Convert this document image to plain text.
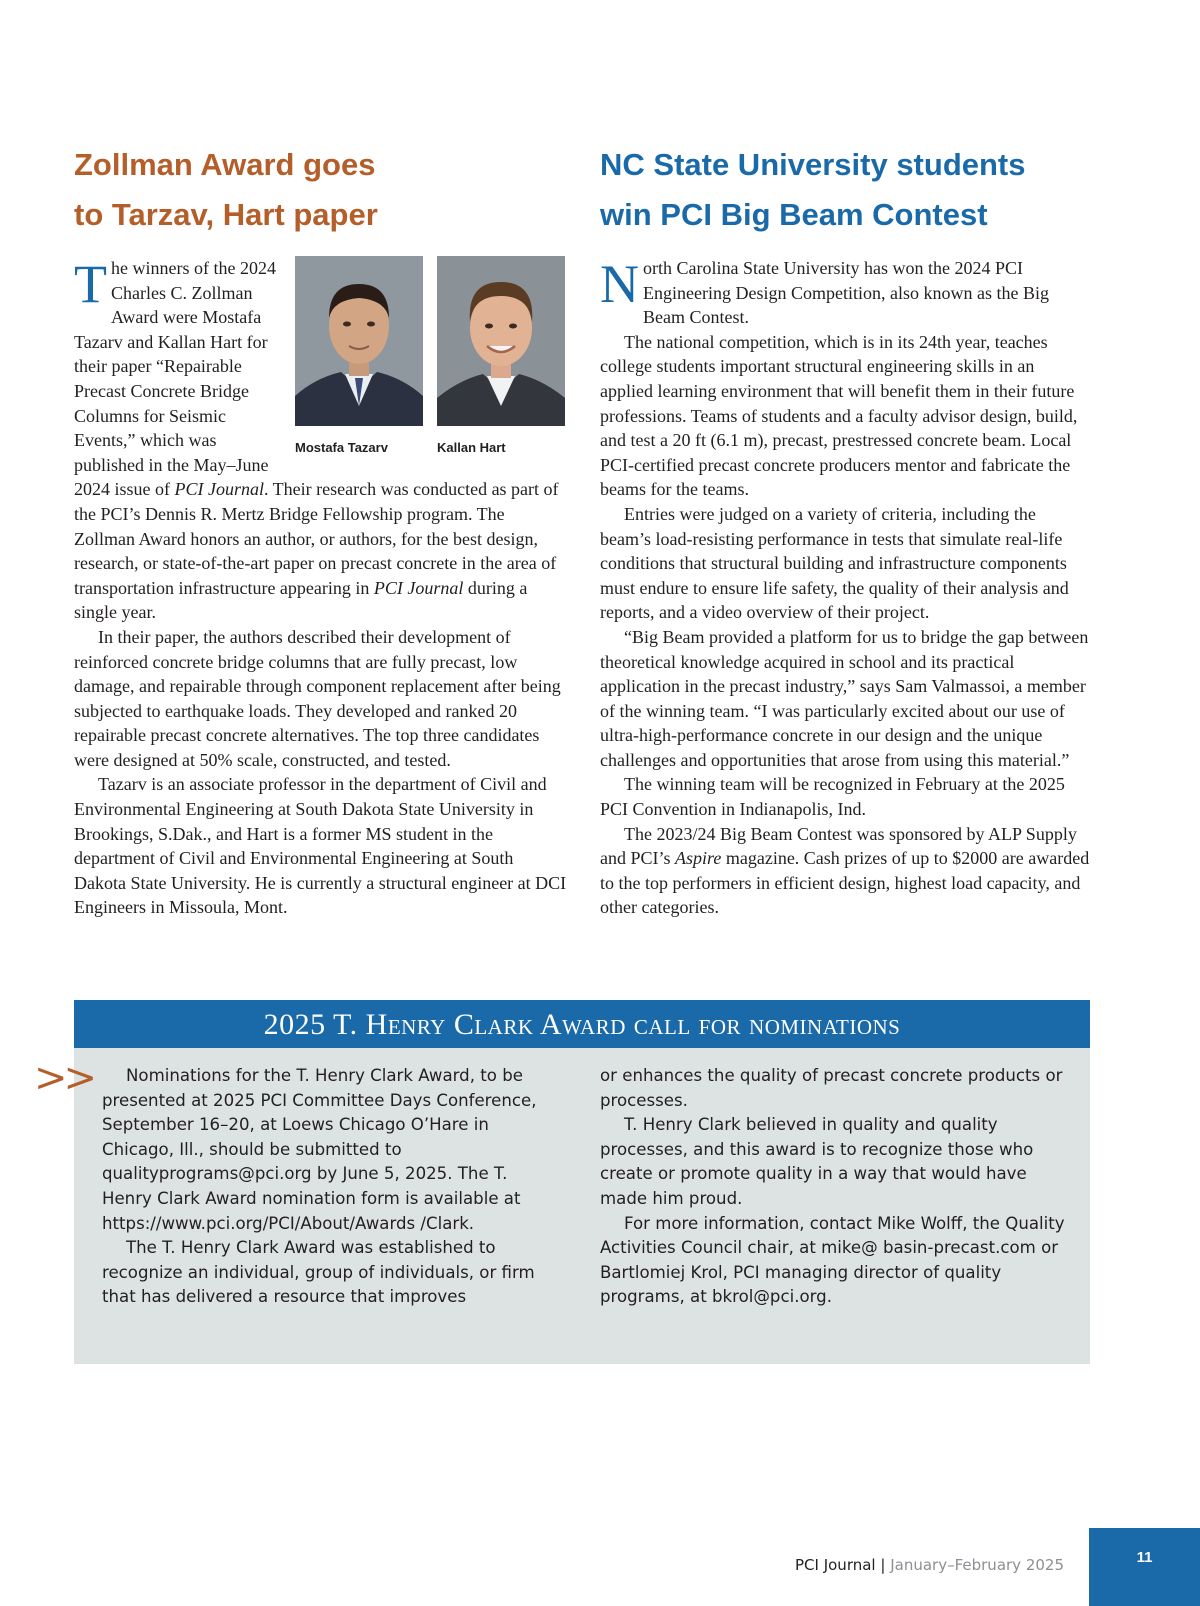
Zollman Award goes
to Tarzav, Hart paper
Mostafa Tazarv	Kallan Hart

The winners of the 2024 Charles C. Zollman Award were Mostafa Tazarv and Kallan Hart for their paper “Repairable Precast Concrete Bridge Columns for Seismic Events,” which was published in the May–June 2024 issue of PCI Journal. Their research was conducted as part of the PCI’s Dennis R. Mertz Bridge Fellowship program. The Zollman Award honors an author, or authors, for the best design, research, or state-of-the-art paper on precast concrete in the area of transportation infrastructure appearing in PCI Journal during a single year.

In their paper, the authors described their development of reinforced concrete bridge columns that are fully precast, low damage, and repairable through component replacement after being subjected to earthquake loads. They developed and ranked 20 repairable precast concrete alternatives. The top three candidates were designed at 50% scale, constructed, and tested.

Tazarv is an associate professor in the department of Civil and Environmental Engineering at South Dakota State University in Brookings, S.Dak., and Hart is a former MS student in the department of Civil and Environmental Engineering at South Dakota State University. He is currently a structural engineer at DCI Engineers in Missoula, Mont.

NC State University students
win PCI Big Beam Contest

North Carolina State University has won the 2024 PCI Engineering Design Competition, also known as the Big Beam Contest.

The national competition, which is in its 24th year, teaches college students important structural engineering skills in an applied learning environment that will benefit them in their future professions. Teams of students and a faculty advisor design, build, and test a 20 ft (6.1 m), precast, prestressed concrete beam. Local PCI-certified precast concrete producers mentor and fabricate the beams for the teams.

Entries were judged on a variety of criteria, including the beam’s load-resisting performance in tests that simulate real-life conditions that structural building and infrastructure components must endure to ensure life safety, the quality of their analysis and reports, and a video overview of their project.

“Big Beam provided a platform for us to bridge the gap between theoretical knowledge acquired in school and its practical application in the precast industry,” says Sam Valmassoi, a member of the winning team. “I was particularly excited about our use of ultra-high-performance concrete in our design and the unique challenges and opportunities that arose from using this material.”

The winning team will be recognized in February at the 2025 PCI Convention in Indianapolis, Ind.

The 2023/24 Big Beam Contest was sponsored by ALP Supply and PCI’s Aspire magazine. Cash prizes of up to $2000 are awarded to the top performers in efficient design, highest load capacity, and other categories.

2025 T. Henry Clark Award call for nominations

Nominations for the T. Henry Clark Award, to be presented at 2025 PCI Committee Days Conference, September 16–20, at Loews Chicago O’Hare in Chicago, Ill., should be submitted to qualityprograms@pci.org by June 5, 2025. The T. Henry Clark Award nomination form is available at https://www.pci.org/PCI/About/Awards /Clark.

The T. Henry Clark Award was established to recognize an individual, group of individuals, or firm that has delivered a resource that improves

or enhances the quality of precast concrete products or processes.

T. Henry Clark believed in quality and quality processes, and this award is to recognize those who create or promote quality in a way that would have made him proud.

For more information, contact Mike Wolff, the Quality Activities Council chair, at mike@ basin-precast.com or Bartlomiej Krol, PCI managing director of quality programs, at bkrol@pci.org.

>>
PCI Journal | January–February 2025	11
